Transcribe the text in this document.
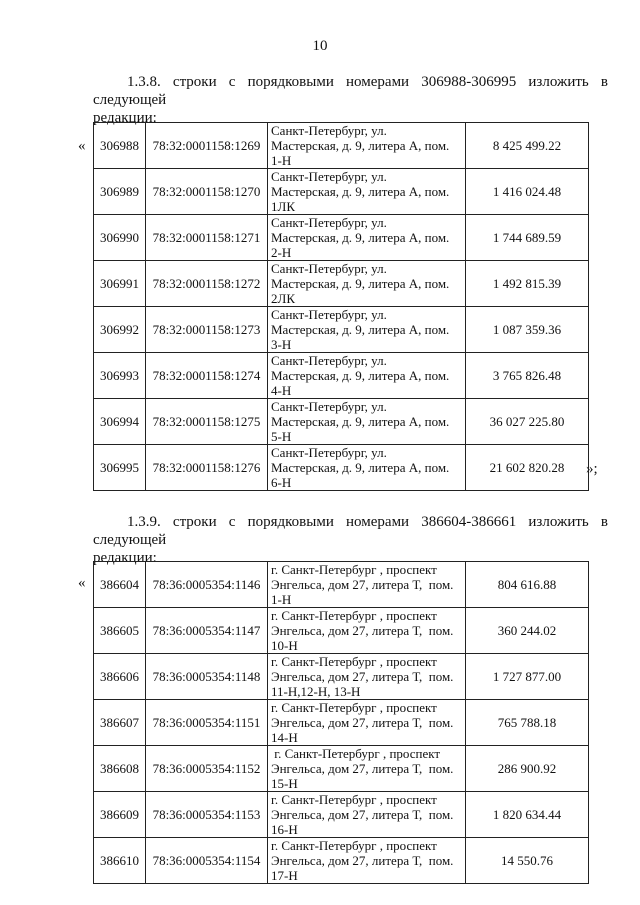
10
1.3.8. строки с порядковыми номерами 306988-306995 изложить в следующей
редакции:
«
»;
306988	78:32:0001158:1269	Санкт-Петербург, ул.
Мастерская, д. 9, литера А, пом.
1-Н	8 425 499.22
306989	78:32:0001158:1270	Санкт-Петербург, ул.
Мастерская, д. 9, литера А, пом.
1ЛК	1 416 024.48
306990	78:32:0001158:1271	Санкт-Петербург, ул.
Мастерская, д. 9, литера А, пом.
2-Н	1 744 689.59
306991	78:32:0001158:1272	Санкт-Петербург, ул.
Мастерская, д. 9, литера А, пом.
2ЛК	1 492 815.39
306992	78:32:0001158:1273	Санкт-Петербург, ул.
Мастерская, д. 9, литера А, пом.
3-Н	1 087 359.36
306993	78:32:0001158:1274	Санкт-Петербург, ул.
Мастерская, д. 9, литера А, пом.
4-Н	3 765 826.48
306994	78:32:0001158:1275	Санкт-Петербург, ул.
Мастерская, д. 9, литера А, пом.
5-Н	36 027 225.80
306995	78:32:0001158:1276	Санкт-Петербург, ул.
Мастерская, д. 9, литера А, пом.
6-Н	21 602 820.28
1.3.9. строки с порядковыми номерами 386604-386661 изложить в следующей
редакции:
« 386604	78:36:0005354:1146	г. Санкт-Петербург , проспект
Энгельса, дом 27, литера Т,  пом.
1-Н	804 616.88
386605	78:36:0005354:1147	г. Санкт-Петербург , проспект
Энгельса, дом 27, литера Т,  пом.
10-Н	360 244.02
386606	78:36:0005354:1148	г. Санкт-Петербург , проспект
Энгельса, дом 27, литера Т,  пом.
11-Н,12-Н, 13-Н	1 727 877.00
386607	78:36:0005354:1151	г. Санкт-Петербург , проспект
Энгельса, дом 27, литера Т,  пом.
14-Н	765 788.18
386608	78:36:0005354:1152	г. Санкт-Петербург , проспект
Энгельса, дом 27, литера Т,  пом.
15-Н	286 900.92
386609	78:36:0005354:1153	г. Санкт-Петербург , проспект
Энгельса, дом 27, литера Т,  пом.
16-Н	1 820 634.44
386610	78:36:0005354:1154	г. Санкт-Петербург , проспект
Энгельса, дом 27, литера Т,  пом.
17-Н	14 550.76
